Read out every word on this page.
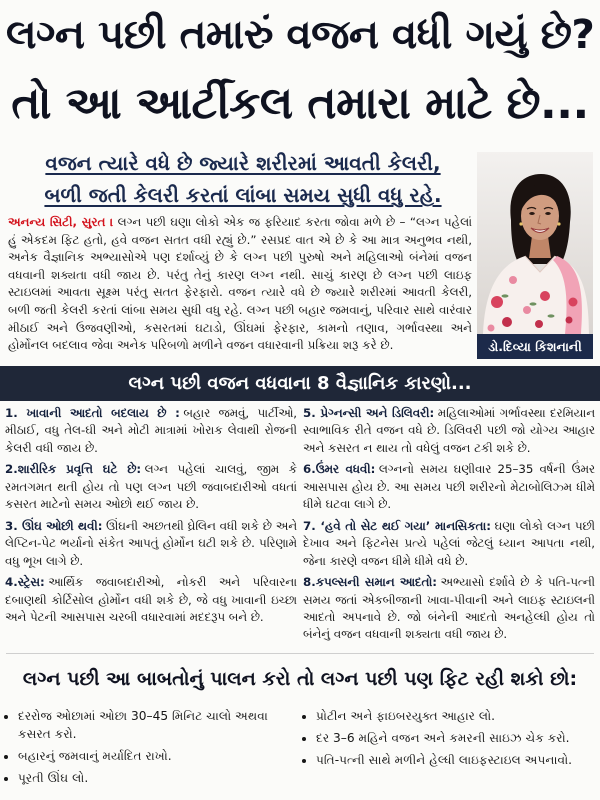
લગ્ન પછી તમારું વજન વધી ગયું છે?
તો આ આર્ટીકલ તમારા માટે છે...
વજન ત્યારે વધે છે જ્યારે શરીરમાં આવતી કેલરી,
બળી જતી કેલરી કરતાં લાંબા સમય સુધી વધુ રહે.

અનન્ય સિટી, સુરત । લગ્ન પછી ઘણા લોકો એક જ ફરિયાદ કરતા જોવા મળે છે – “લગ્ન પહેલાં હું એકદમ ફિટ હતો, હવે વજન સતત વધી રહ્યું છે.” રસપ્રદ વાત એ છે કે આ માત્ર અનુભવ નથી, અનેક વૈજ્ઞાનિક અભ્યાસોએ પણ દર્શાવ્યું છે કે લગ્ન પછી પુરુષો અને મહિલાઓ બંનેમાં વજન વધવાની શક્યતા વધી જાય છે. પરંતુ તેનું કારણ લગ્ન નથી. સાચું કારણ છે લગ્ન પછી લાઇફ સ્ટાઇલમાં આવતા સૂક્ષ્મ પરંતુ સતત ફેરફારો. વજન ત્યારે વધે છે જ્યારે શરીરમાં આવતી કેલરી, બળી જતી કેલરી કરતાં લાંબા સમય સુધી વધુ રહે. લગ્ન પછી બહાર જમવાનું, પરિવાર સાથે વારંવાર મીઠાઈ અને ઉજવણીઓ, કસરતમાં ઘટાડો, ઊંઘમાં ફેરફાર, કામનો તણાવ, ગર્ભાવસ્થા અને હોર્મોનલ બદલાવ જેવા અનેક પરિબળો મળીને વજન વધારવાની પ્રક્રિયા શરૂ કરે છે.	ડો.દિવ્યા કિશનાની
લગ્ન પછી વજન વધવાના 8 વૈજ્ઞાનિક કારણો...
1. ખાવાની આદતો બદલાય છે : બહાર જમવું, પાર્ટીઓ, મીઠાઈ, વધુ તેલ-ઘી અને મોટી માત્રામાં ખોરાક લેવાથી રોજની કેલરી વધી જાય છે.
2.શારીરિક પ્રવૃત્તિ ઘટે છે: લગ્ન પહેલાં ચાલવું, જીમ કે રમતગમત થતી હોય તો પણ લગ્ન પછી જવાબદારીઓ વધતાં કસરત માટેનો સમય ઓછો થઈ જાય છે.
3. ઊંઘ ઓછી થવી: ઊંઘની અછતથી ઘ્રેલિન વધી શકે છે અને લેપ્ટિન-પેટ ભર્યાનો સંકેત આપતું હોર્મોન ઘટી શકે છે. પરિણામે વધુ ભૂખ લાગે છે.
4.સ્ટ્રેસ: આર્થિક જવાબદારીઓ, નોકરી અને પરિવારના દબાણથી કોર્ટિસોલ હોર્મોન વધી શકે છે, જે વધુ ખાવાની ઇચ્છા અને પેટની આસપાસ ચરબી વધારવામાં મદદરૂપ બને છે.
5. પ્રેગ્નન્સી અને ડિલિવરી: મહિલાઓમાં ગર્ભાવસ્થા દરમિયાન સ્વાભાવિક રીતે વજન વધે છે. ડિલિવરી પછી જો યોગ્ય આહાર અને કસરત ન થાય તો વધેલું વજન ટકી શકે છે.
6.ઉંમર વધવી: લગ્નનો સમય ઘણીવાર 25–35 વર્ષની ઉંમર આસપાસ હોય છે. આ સમય પછી શરીરનો મેટાબોલિઝ્મ ધીમે ધીમે ઘટવા લાગે છે.
7. ‘હવે તો સેટ થઈ ગયા’ માનસિકતા: ઘણા લોકો લગ્ન પછી દેખાવ અને ફિટનેસ પ્રત્યે પહેલાં જેટલું ધ્યાન આપતા નથી, જેના કારણે વજન ધીમે ધીમે વધે છે.
8.કપલ્સની સમાન આદતો: અભ્યાસો દર્શાવે છે કે પતિ-પત્ની સમય જતાં એકબીજાની ખાવા-પીવાની અને લાઇફ સ્ટાઇલની આદતો અપનાવે છે. જો બંનેની આદતો અનહેલ્ધી હોય તો બંનેનું વજન વધવાની શક્યતા વધી જાય છે.
લગ્ન પછી આ બાબતોનું પાલન કરો તો લગ્ન પછી પણ ફિટ રહી શકો છો:
• દરરોજ ઓછામાં ઓછા 30–45 મિનિટ ચાલો અથવા કસરત કરો.
• બહારનું જમવાનું મર્યાદિત રાખો.
• પૂરતી ઊંઘ લો.
• પ્રોટીન અને ફાઇબરયુક્ત આહાર લો.
• દર 3–6 મહિને વજન અને કમરની સાઇઝ ચેક કરો.
• પતિ-પત્ની સાથે મળીને હેલ્ધી લાઇફસ્ટાઇલ અપનાવો.
